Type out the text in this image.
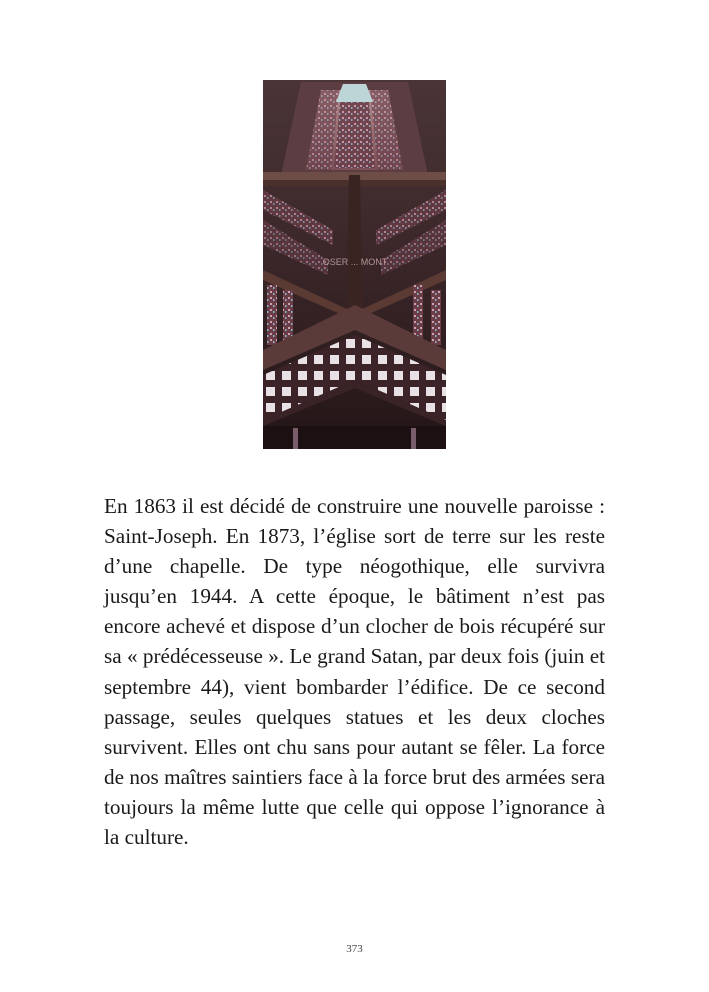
OSER ... MONT

En 1863 il est décidé de construire une nouvelle paroisse : Saint-Joseph. En 1873, l’église sort de terre sur les reste d’une chapelle. De type néogothique, elle survivra jusqu’en 1944. A cette époque, le bâtiment n’est pas encore achevé et dispose d’un clocher de bois récupéré sur sa « prédécesseuse ». Le grand Satan, par deux fois (juin et septembre 44), vient bombarder l’édifice. De ce second passage, seules quelques statues et les deux cloches survivent. Elles ont chu sans pour autant se fêler. La force de nos maîtres saintiers face à la force brut des armées sera toujours la même lutte que celle qui oppose l’ignorance à la culture.

373
